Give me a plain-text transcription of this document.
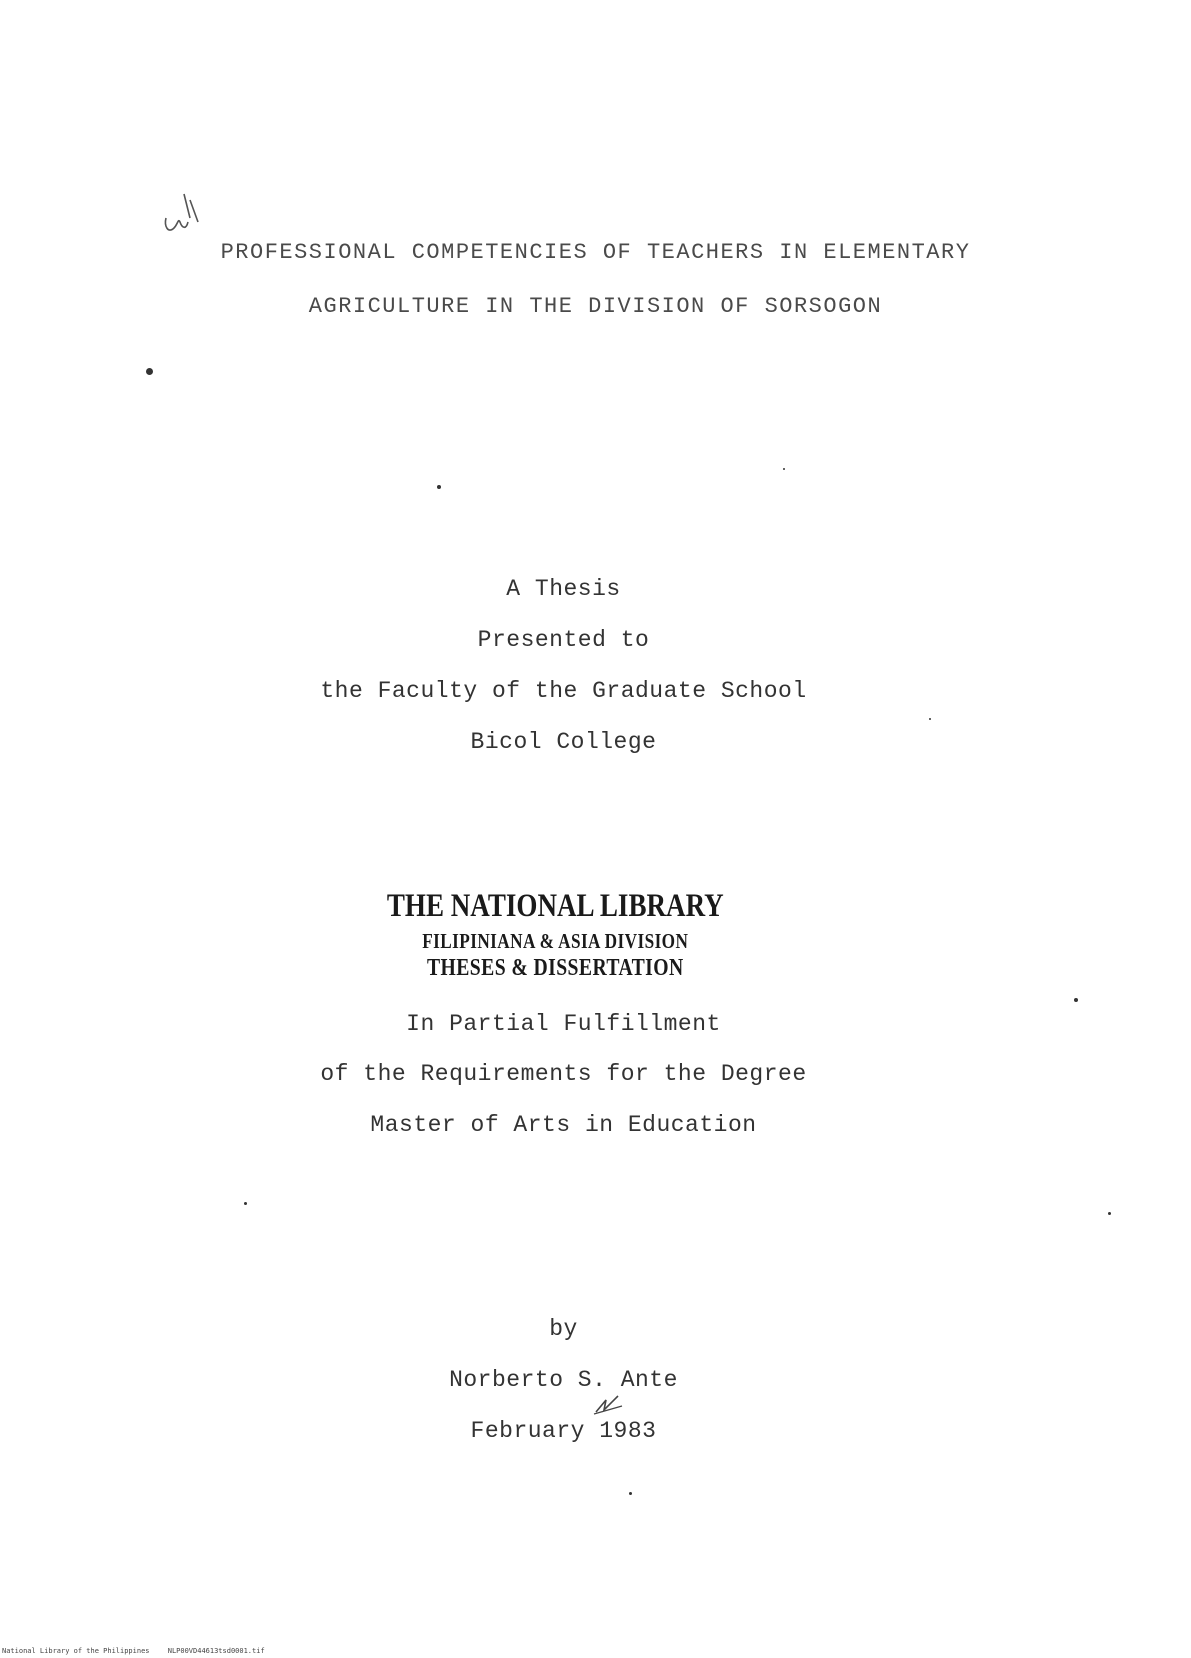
PROFESSIONAL COMPETENCIES OF TEACHERS IN ELEMENTARY

AGRICULTURE IN THE DIVISION OF SORSOGON

A Thesis

Presented to

the Faculty of the Graduate School

Bicol College

THE NATIONAL LIBRARY

FILIPINIANA & ASIA DIVISION

THESES & DISSERTATION

In Partial Fulfillment

of the Requirements for the Degree

Master of Arts in Education

by

Norberto S. Ante

February 1983

National Library of the Philippines	NLP00VD44613tsd0001.tif
